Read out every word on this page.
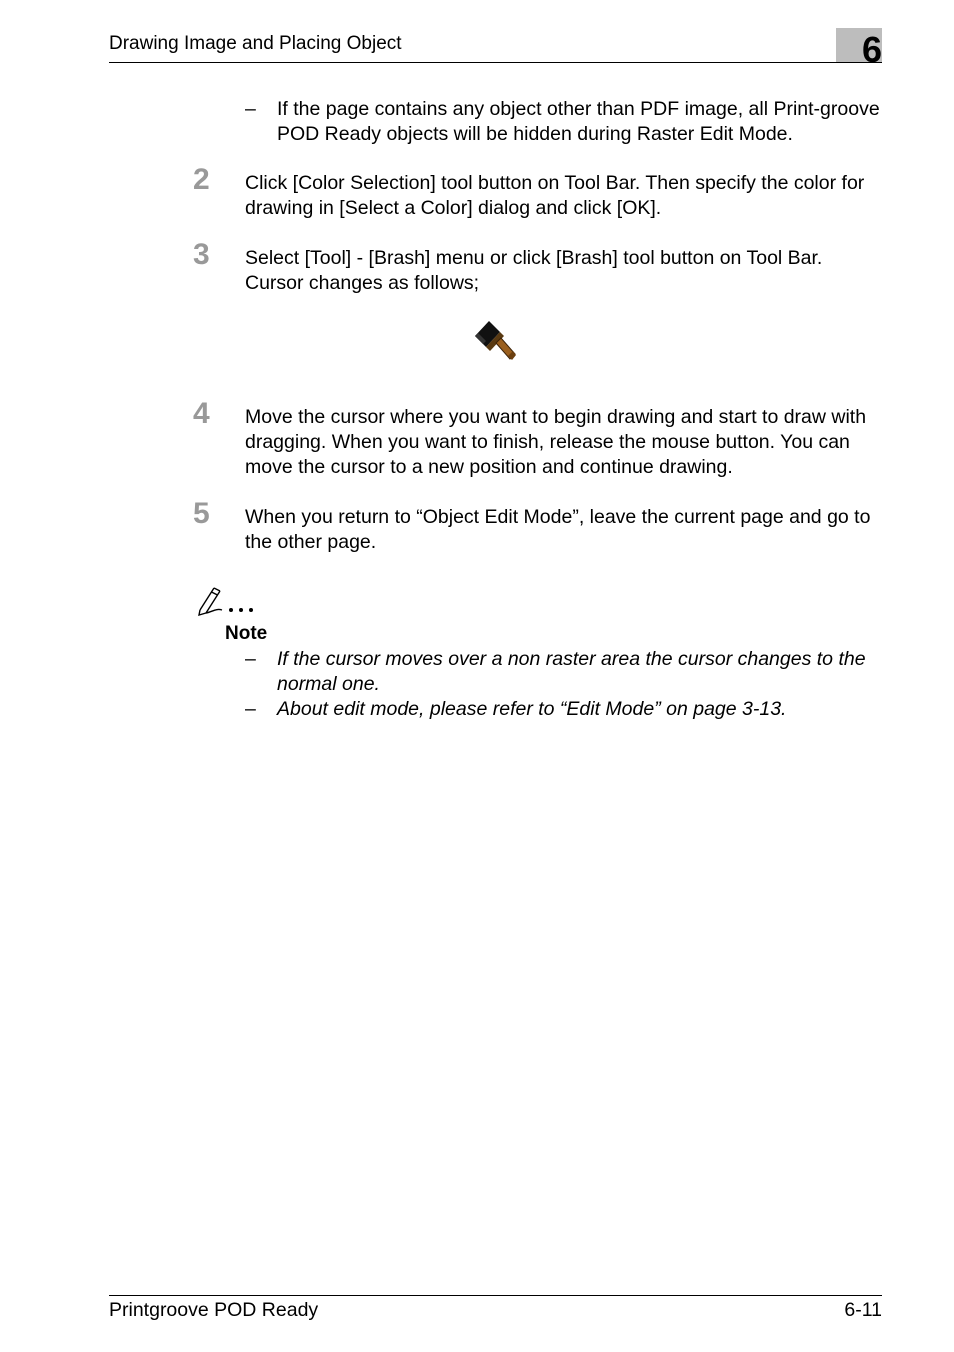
Drawing Image and Placing Object	6
– If the page contains any object other than PDF image, all Print-groove POD Ready objects will be hidden during Raster Edit Mode.
2 Click [Color Selection] tool button on Tool Bar. Then specify the color for drawing in [Select a Color] dialog and click [OK].
3 Select [Tool] - [Brash] menu or click [Brash] tool button on Tool Bar. Cursor changes as follows;
4 Move the cursor where you want to begin drawing and start to draw with dragging. When you want to finish, release the mouse button. You can move the cursor to a new position and continue drawing.
5 When you return to “Object Edit Mode”, leave the current page and go to the other page.
Note
– If the cursor moves over a non raster area the cursor changes to the normal one.
– About edit mode, please refer to “Edit Mode” on page 3-13.
Printgroove POD Ready	6-11
